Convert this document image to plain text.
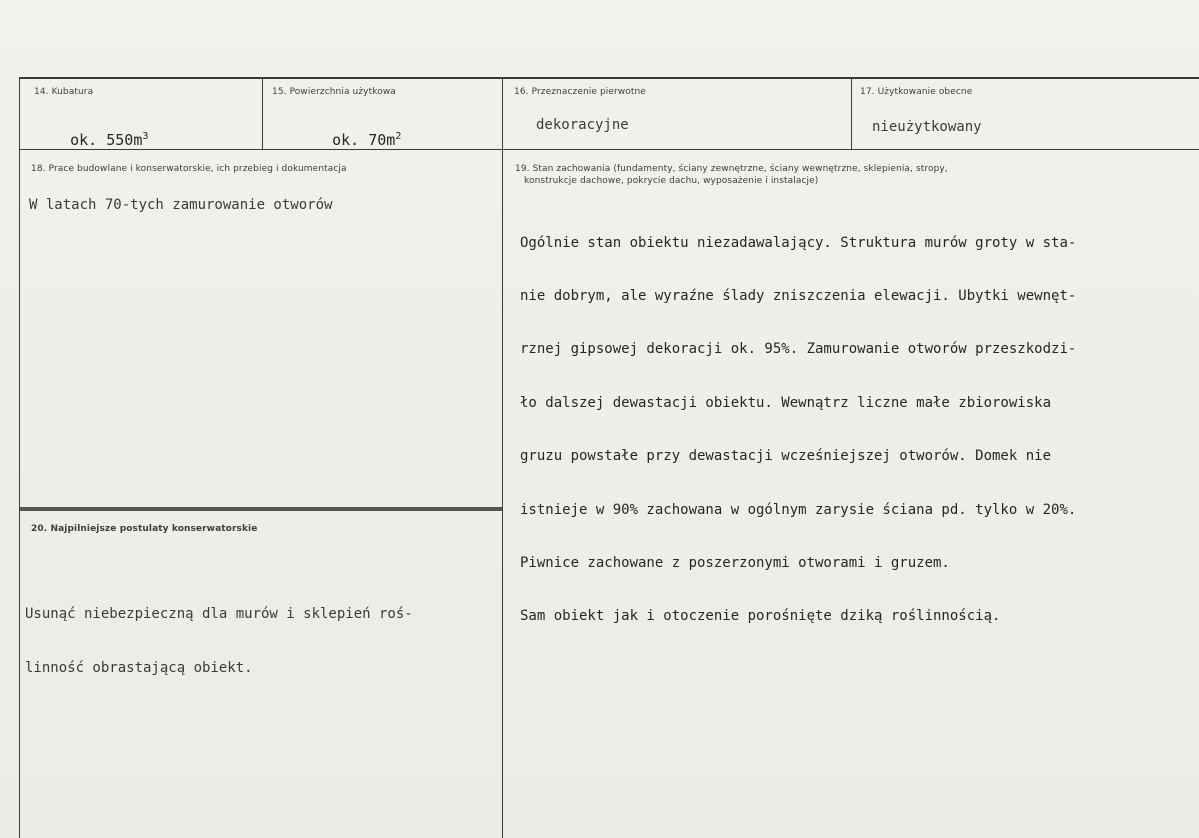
14. Kubatura

ok. $550m^3$

15. Powierzchnia użytkowa

ok. $70m^2$

16. Przeznaczenie pierwotne
dekoracyjne
17. Użytkowanie obecne
nieużytkowany
18. Prace budowlane i konserwatorskie, ich przebieg i dokumentacja
W latach 70-tych zamurowanie otworów
19. Stan zachowania (fundamenty, ściany zewnętrzne, ściany wewnętrzne, sklepienia, stropy,
konstrukcje dachowe, pokrycie dachu, wyposażenie i instalacje)

Ogólnie stan obiektu niezadawalający. Struktura murów groty w sta-

nie dobrym, ale wyraźne ślady zniszczenia elewacji. Ubytki wewnęt-

rznej gipsowej dekoracji ok. 95%. Zamurowanie otworów przeszkodzi-

ło dalszej dewastacji obiektu. Wewnątrz liczne małe zbiorowiska

gruzu powstałe przy dewastacji wcześniejszej otworów. Domek nie

istnieje w 90% zachowana w ogólnym zarysie ściana pd. tylko w 20%.

Piwnice zachowane z poszerzonymi otworami i gruzem.

Sam obiekt jak i otoczenie porośnięte dziką roślinnością.

20. Najpilniejsze postulaty konserwatorskie

Usunąć niebezpieczną dla murów i sklepień roś-

linność obrastającą obiekt.
